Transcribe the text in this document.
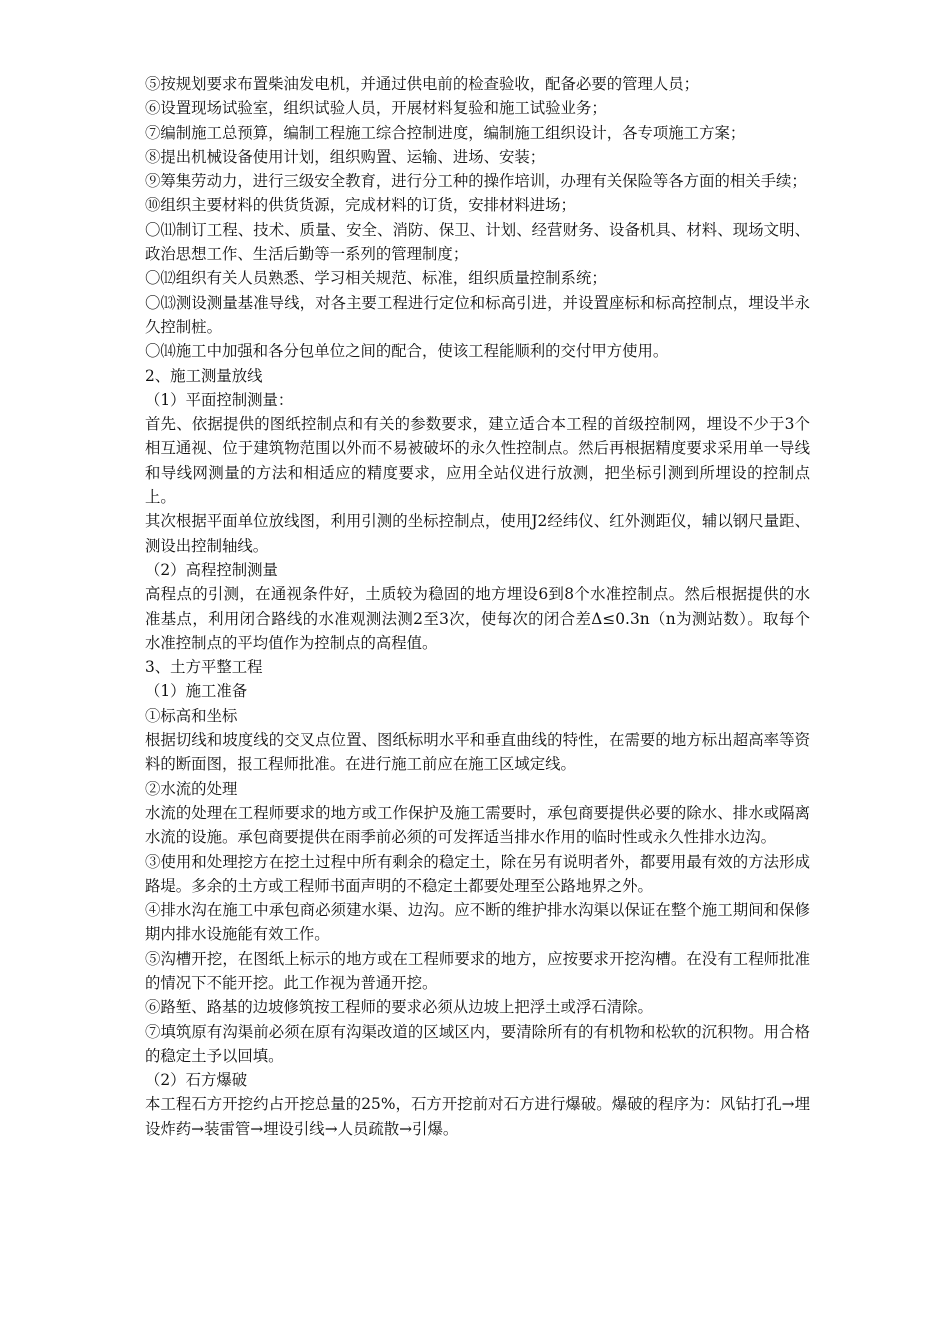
⑤按规划要求布置柴油发电机，并通过供电前的检查验收，配备必要的管理人员；

⑥设置现场试验室，组织试验人员，开展材料复验和施工试验业务；

⑦编制施工总预算，编制工程施工综合控制进度，编制施工组织设计，各专项施工方案；

⑧提出机械设备使用计划，组织购置、运输、进场、安装；

⑨筹集劳动力，进行三级安全教育，进行分工种的操作培训，办理有关保险等各方面的相关手续；

⑩组织主要材料的供货货源，完成材料的订货，安排材料进场；

〇⑾制订工程、技术、质量、安全、消防、保卫、计划、经营财务、设备机具、材料、现场文明、政治思想工作、生活后勤等一系列的管理制度；

〇⑿组织有关人员熟悉、学习相关规范、标准，组织质量控制系统；

〇⒀测设测量基准导线，对各主要工程进行定位和标高引进，并设置座标和标高控制点，埋设半永久控制桩。

〇⒁施工中加强和各分包单位之间的配合，使该工程能顺利的交付甲方使用。

2、施工测量放线

（1）平面控制测量：

首先、依据提供的图纸控制点和有关的参数要求，建立适合本工程的首级控制网，埋设不少于3个相互通视、位于建筑物范围以外而不易被破坏的永久性控制点。然后再根据精度要求采用单一导线和导线网测量的方法和相适应的精度要求，应用全站仪进行放测，把坐标引测到所埋设的控制点上。

其次根据平面单位放线图，利用引测的坐标控制点，使用J2经纬仪、红外测距仪，辅以钢尺量距、测设出控制轴线。

（2）高程控制测量

高程点的引测，在通视条件好，土质较为稳固的地方埋设6到8个水准控制点。然后根据提供的水准基点，利用闭合路线的水准观测法测2至3次，使每次的闭合差Δ≤0.3n（n为测站数）。取每个水准控制点的平均值作为控制点的高程值。

3、土方平整工程

（1）施工准备

①标高和坐标

根据切线和坡度线的交叉点位置、图纸标明水平和垂直曲线的特性，在需要的地方标出超高率等资料的断面图，报工程师批准。在进行施工前应在施工区域定线。

②水流的处理

水流的处理在工程师要求的地方或工作保护及施工需要时，承包商要提供必要的除水、排水或隔离水流的设施。承包商要提供在雨季前必须的可发挥适当排水作用的临时性或永久性排水边沟。

③使用和处理挖方在挖土过程中所有剩余的稳定土，除在另有说明者外，都要用最有效的方法形成路堤。多余的土方或工程师书面声明的不稳定土都要处理至公路地界之外。

④排水沟在施工中承包商必须建水渠、边沟。应不断的维护排水沟渠以保证在整个施工期间和保修期内排水设施能有效工作。

⑤沟槽开挖，在图纸上标示的地方或在工程师要求的地方，应按要求开挖沟槽。在没有工程师批准的情况下不能开挖。此工作视为普通开挖。

⑥路堑、路基的边坡修筑按工程师的要求必须从边坡上把浮土或浮石清除。

⑦填筑原有沟渠前必须在原有沟渠改道的区域区内，要清除所有的有机物和松软的沉积物。用合格的稳定土予以回填。

（2）石方爆破

本工程石方开挖约占开挖总量的25%，石方开挖前对石方进行爆破。爆破的程序为：风钻打孔→埋设炸药→装雷管→埋设引线→人员疏散→引爆。
